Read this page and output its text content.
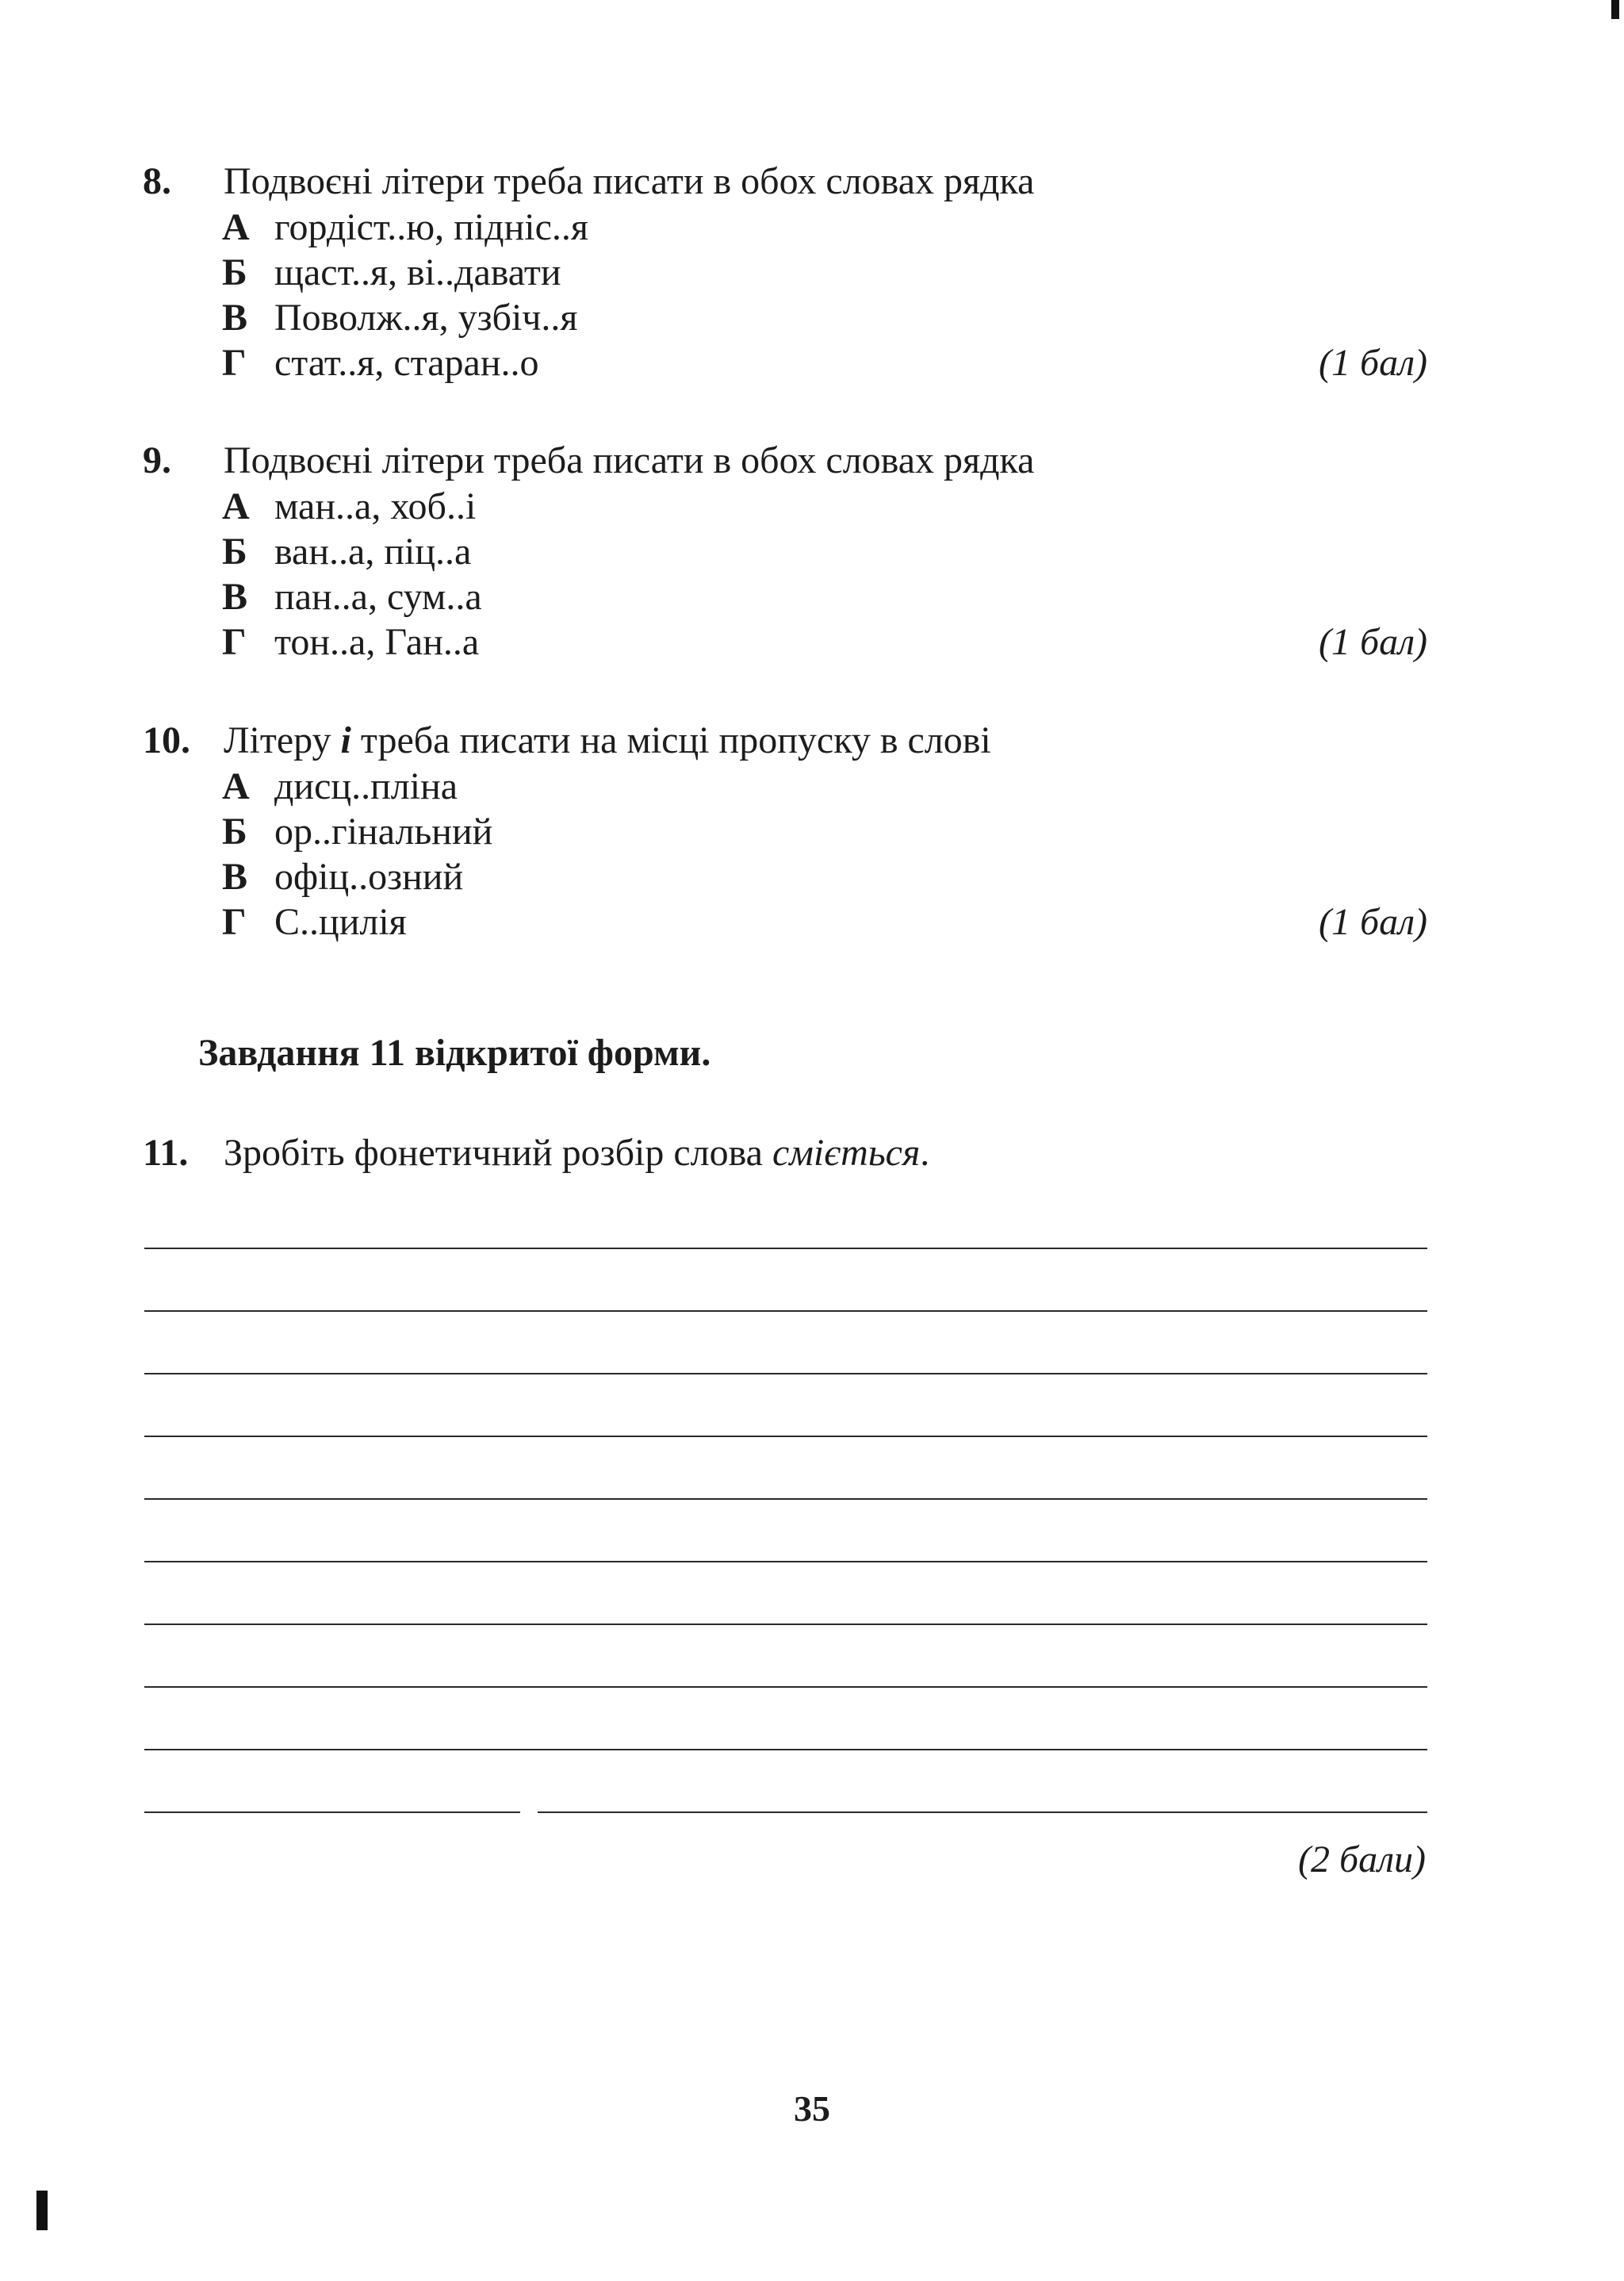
8.	Подвоєні літери треба писати в обох словах рядка
А гордіст..ю, підніс..я
Б щаст..я, ві..давати
В Поволж..я, узбіч..я
Г стат..я, старан..о	(1 бал)
9.	Подвоєні літери треба писати в обох словах рядка
А ман..а, хоб..і
Б ван..а, піц..а
В пан..а, сум..а
Г тон..а, Ган..а	(1 бал)
10. Літеру і треба писати на місці пропуску в слові
А дисц..пліна
Б ор..гінальний
В офіц..озний
Г С..цилія	(1 бал)
Завдання 11 відкритої форми.
11. Зробіть фонетичний розбір слова сміється.
(2 бали)
35
